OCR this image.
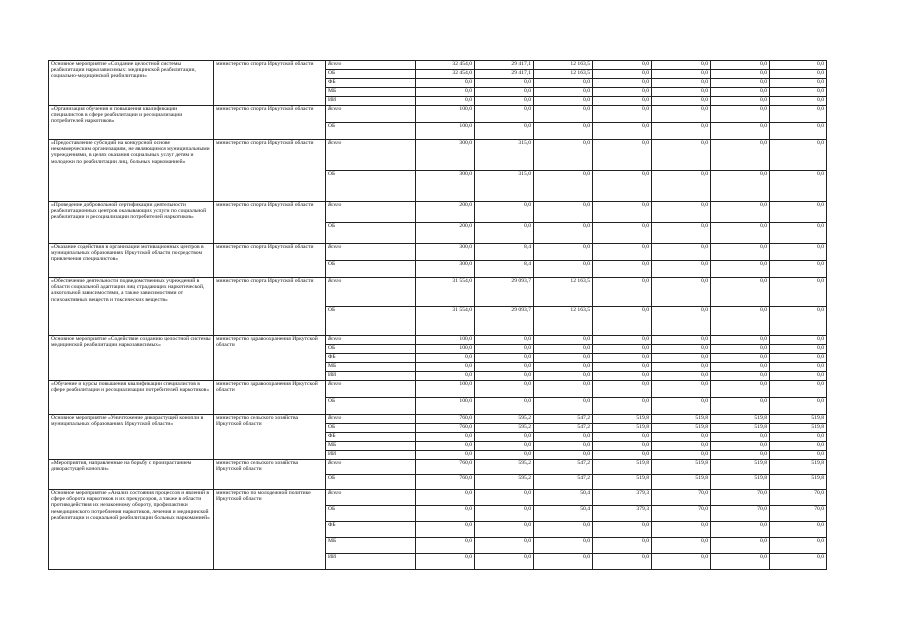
Основное мероприятие «Создание целостной системы реабилитации наркозависимых: медицинской реабилитации, социально-медицинской реабилитации»	министерство спорта Иркутской области	Всего	32 454,0	29 417,1	12 163,5	0,0	0,0	0,0	0,0
		ОБ	32 454,0	29 417,1	12 163,5	0,0	0,0	0,0	0,0
		ФБ	0,0	0,0	0,0	0,0	0,0	0,0	0,0
		МБ	0,0	0,0	0,0	0,0	0,0	0,0	0,0
		ИИ	0,0	0,0	0,0	0,0	0,0	0,0	0,0
«Организация обучения и повышения квалификации специалистов в сфере реабилитации и ресоциализации потребителей наркотиков»	министерство спорта Иркутской области	Всего	100,0	0,0	0,0	0,0	0,0	0,0	0,0
		ОБ	100,0	0,0	0,0	0,0	0,0	0,0	0,0
«Предоставление субсидий на конкурсной основе некоммерческим организациям, не являющимся муниципальными учреждениями, в целях оказания социальных услуг детям и молодежи по реабилитации лиц, больных наркоманией»	министерство спорта Иркутской области	Всего	300,0	315,0	0,0	0,0	0,0	0,0	0,0
		ОБ	300,0	315,0	0,0	0,0	0,0	0,0	0,0
«Проведение добровольной сертификации деятельности реабилитационных центров оказывающих услуги по социальной реабилитации и ресоциализации потребителей наркотиков»	министерство спорта Иркутской области	Всего	200,0	0,0	0,0	0,0	0,0	0,0	0,0
		ОБ	200,0	0,0	0,0	0,0	0,0	0,0	0,0
«Оказание содействия в организации мотивационных центров в муниципальных образованиях Иркутской области посредством привлечения специалистов»	министерство спорта Иркутской области	Всего	300,0	8,4	0,0	0,0	0,0	0,0	0,0
		ОБ	300,0	8,4	0,0	0,0	0,0	0,0	0,0
«Обеспечение деятельности подведомственных учреждений в области социальной адаптации лиц страдающих наркотической, алкогольной зависимостями, а также зависимостями от психоактивных веществ и токсических веществ»	министерство спорта Иркутской области	Всего	31 554,0	29 093,7	12 163,5	0,0	0,0	0,0	0,0
		ОБ	31 554,0	29 093,7	12 163,5	0,0	0,0	0,0	0,0
Основное мероприятие «Содействие созданию целостной системы медицинской реабилитации наркозависимых»	министерство здравоохранения Иркутской области	Всего	100,0	0,0	0,0	0,0	0,0	0,0	0,0
		ОБ	100,0	0,0	0,0	0,0	0,0	0,0	0,0
		ФБ	0,0	0,0	0,0	0,0	0,0	0,0	0,0
		МБ	0,0	0,0	0,0	0,0	0,0	0,0	0,0
		ИИ	0,0	0,0	0,0	0,0	0,0	0,0	0,0
«Обучение и курсы повышения квалификации специалистов в сфере реабилитации и ресоциализации потребителей наркотиков»	министерство здравоохранения Иркутской области	Всего	100,0	0,0	0,0	0,0	0,0	0,0	0,0
		ОБ	100,0	0,0	0,0	0,0	0,0	0,0	0,0
Основное мероприятие «Уничтожение дикорастущей конопли в муниципальных образованиях Иркутской области»	министерство сельского хозяйства Иркутской области	Всего	760,0	595,2	547,2	519,8	519,8	519,8	519,8
		ОБ	760,0	595,2	547,2	519,8	519,8	519,8	519,8
		ФБ	0,0	0,0	0,0	0,0	0,0	0,0	0,0
		МБ	0,0	0,0	0,0	0,0	0,0	0,0	0,0
		ИИ	0,0	0,0	0,0	0,0	0,0	0,0	0,0
«Мероприятия, направленные на борьбу с произрастанием дикорастущей конопли»	министерство сельского хозяйства Иркутской области	Всего	760,0	595,2	547,2	519,8	519,8	519,8	519,8
		ОБ	760,0	595,2	547,2	519,8	519,8	519,8	519,8
Основное мероприятие «Анализ состояния процессов и явлений в сфере оборота наркотиков и их прекурсоров, а также в области противодействия их незаконному обороту, профилактики немедицинского потребления наркотиков, лечения и медицинской реабилитации и социальной реабилитации больных наркоманией»	министерство по молодежной политике Иркутской области	Всего	0,0	0,0	50,4	379,3	70,0	70,0	70,0
		ОБ	0,0	0,0	50,4	379,3	70,0	70,0	70,0
		ФБ	0,0	0,0	0,0	0,0	0,0	0,0	0,0
		МБ	0,0	0,0	0,0	0,0	0,0	0,0	0,0
		ИИ	0,0	0,0	0,0	0,0	0,0	0,0	0,0
